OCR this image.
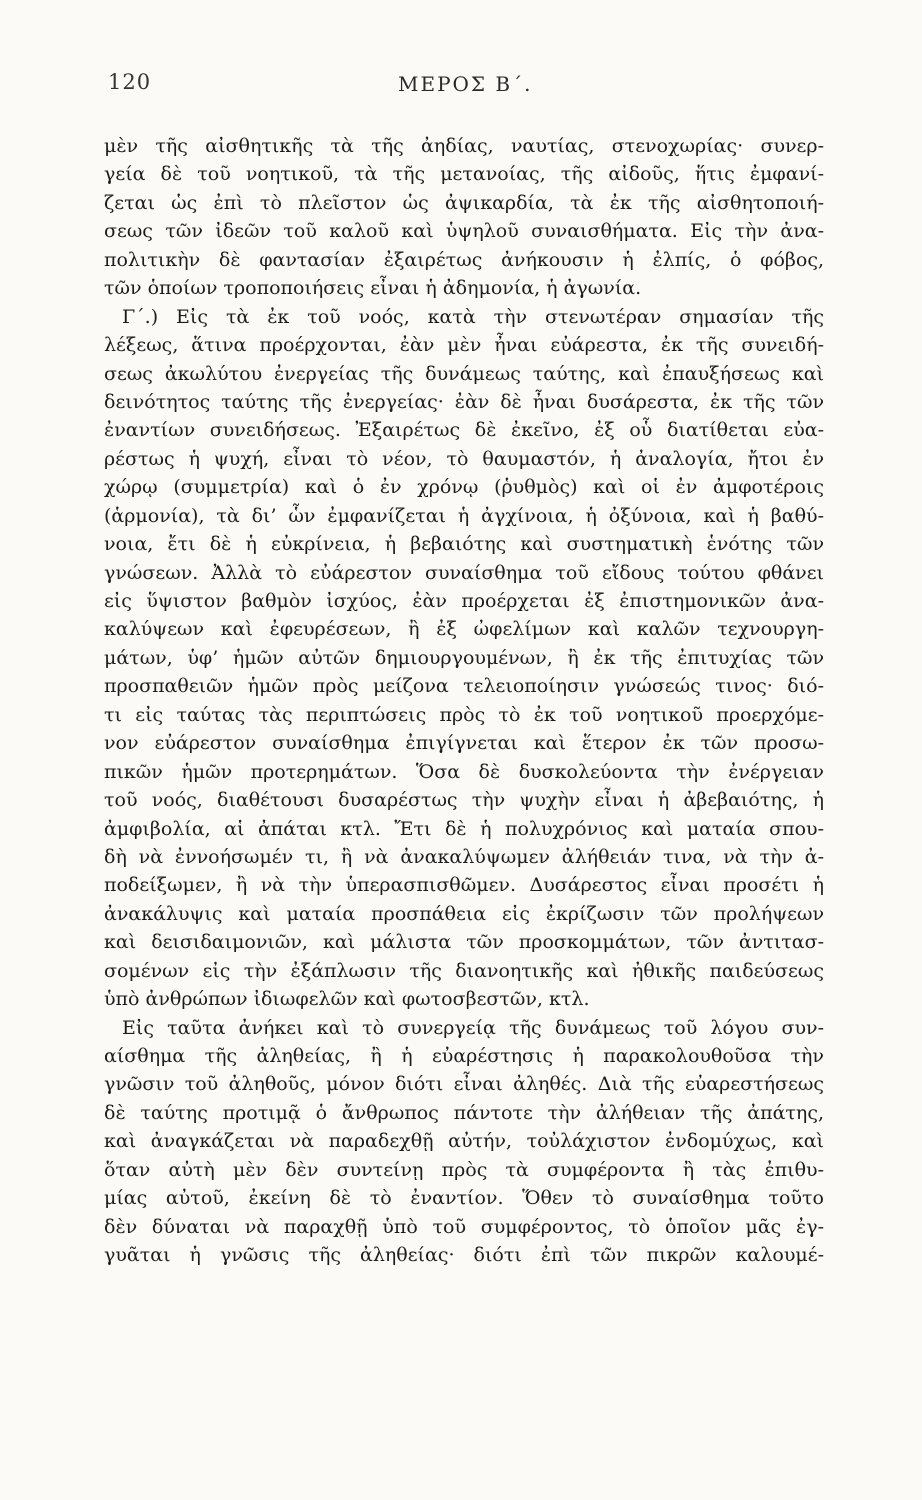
120	ΜΕΡΟΣ Β΄.
μὲν τῆς αἰσθητικῆς τὰ τῆς ἀηδίας, ναυτίας, στενοχωρίας· συνερ-
γεία δὲ τοῦ νοητικοῦ, τὰ τῆς μετανοίας, τῆς αἰδοῦς, ἥτις ἐμφανί-
ζεται ὡς ἐπὶ τὸ πλεῖστον ὡς ἀψικαρδία, τὰ ἐκ τῆς αἰσθητοποιή-
σεως τῶν ἰδεῶν τοῦ καλοῦ καὶ ὑψηλοῦ συναισθήματα. Εἰς τὴν ἀνα-
πολιτικὴν δὲ φαντασίαν ἐξαιρέτως ἀνήκουσιν ἡ ἐλπίς, ὁ φόβος,
τῶν ὁποίων τροποποιήσεις εἶναι ἡ ἀδημονία, ἡ ἀγωνία.
Γ΄.) Εἰς τὰ ἐκ τοῦ νοός, κατὰ τὴν στενωτέραν σημασίαν τῆς
λέξεως, ἅτινα προέρχονται, ἐὰν μὲν ἦναι εὐάρεστα, ἐκ τῆς συνειδή-
σεως ἀκωλύτου ἐνεργείας τῆς δυνάμεως ταύτης, καὶ ἐπαυξήσεως καὶ
δεινότητος ταύτης τῆς ἐνεργείας· ἐὰν δὲ ἦναι δυσάρεστα, ἐκ τῆς τῶν
ἐναντίων συνειδήσεως. Ἐξαιρέτως δὲ ἐκεῖνο, ἐξ οὗ διατίθεται εὐα-
ρέστως ἡ ψυχή, εἶναι τὸ νέον, τὸ θαυμαστόν, ἡ ἀναλογία, ἤτοι ἐν
χώρῳ (συμμετρία) καὶ ὁ ἐν χρόνῳ (ῥυθμὸς) καὶ οἱ ἐν ἀμφοτέροις
(ἁρμονία), τὰ δι’ ὧν ἐμφανίζεται ἡ ἀγχίνοια, ἡ ὀξύνοια, καὶ ἡ βαθύ-
νοια, ἔτι δὲ ἡ εὐκρίνεια, ἡ βεβαιότης καὶ συστηματικὴ ἑνότης τῶν
γνώσεων. Ἀλλὰ τὸ εὐάρεστον συναίσθημα τοῦ εἴδους τούτου φθάνει
εἰς ὕψιστον βαθμὸν ἰσχύος, ἐὰν προέρχεται ἐξ ἐπιστημονικῶν ἀνα-
καλύψεων καὶ ἐφευρέσεων, ἢ ἐξ ὠφελίμων καὶ καλῶν τεχνουργη-
μάτων, ὑφ’ ἡμῶν αὐτῶν δημιουργουμένων, ἢ ἐκ τῆς ἐπιτυχίας τῶν
προσπαθειῶν ἡμῶν πρὸς μείζονα τελειοποίησιν γνώσεώς τινος· διό-
τι εἰς ταύτας τὰς περιπτώσεις πρὸς τὸ ἐκ τοῦ νοητικοῦ προερχόμε-
νον εὐάρεστον συναίσθημα ἐπιγίγνεται καὶ ἕτερον ἐκ τῶν προσω-
πικῶν ἡμῶν προτερημάτων. Ὅσα δὲ δυσκολεύοντα τὴν ἐνέργειαν
τοῦ νοός, διαθέτουσι δυσαρέστως τὴν ψυχὴν εἶναι ἡ ἀβεβαιότης, ἡ
ἀμφιβολία, αἱ ἀπάται κτλ. Ἔτι δὲ ἡ πολυχρόνιος καὶ ματαία σπου-
δὴ νὰ ἐννοήσωμέν τι, ἢ νὰ ἀνακαλύψωμεν ἀλήθειάν τινα, νὰ τὴν ἀ-
ποδείξωμεν, ἢ νὰ τὴν ὑπερασπισθῶμεν. Δυσάρεστος εἶναι προσέτι ἡ
ἀνακάλυψις καὶ ματαία προσπάθεια εἰς ἐκρίζωσιν τῶν προλήψεων
καὶ δεισιδαιμονιῶν, καὶ μάλιστα τῶν προσκομμάτων, τῶν ἀντιτασ-
σομένων εἰς τὴν ἐξάπλωσιν τῆς διανοητικῆς καὶ ἠθικῆς παιδεύσεως
ὑπὸ ἀνθρώπων ἰδιωφελῶν καὶ φωτοσβεστῶν, κτλ.
Εἰς ταῦτα ἀνήκει καὶ τὸ συνεργείᾳ τῆς δυνάμεως τοῦ λόγου συν-
αίσθημα τῆς ἀληθείας, ἢ ἡ εὐαρέστησις ἡ παρακολουθοῦσα τὴν
γνῶσιν τοῦ ἀληθοῦς, μόνον διότι εἶναι ἀληθές. Διὰ τῆς εὐαρεστήσεως
δὲ ταύτης προτιμᾷ ὁ ἄνθρωπος πάντοτε τὴν ἀλήθειαν τῆς ἀπάτης,
καὶ ἀναγκάζεται νὰ παραδεχθῇ αὐτήν, τοὐλάχιστον ἐνδομύχως, καὶ
ὅταν αὐτὴ μὲν δὲν συντείνῃ πρὸς τὰ συμφέροντα ἢ τὰς ἐπιθυ-
μίας αὐτοῦ, ἐκείνη δὲ τὸ ἐναντίον. Ὅθεν τὸ συναίσθημα τοῦτο
δὲν δύναται νὰ παραχθῇ ὑπὸ τοῦ συμφέροντος, τὸ ὁποῖον μᾶς ἐγ-
γυᾶται ἡ γνῶσις τῆς ἀληθείας· διότι ἐπὶ τῶν πικρῶν καλουμέ-
